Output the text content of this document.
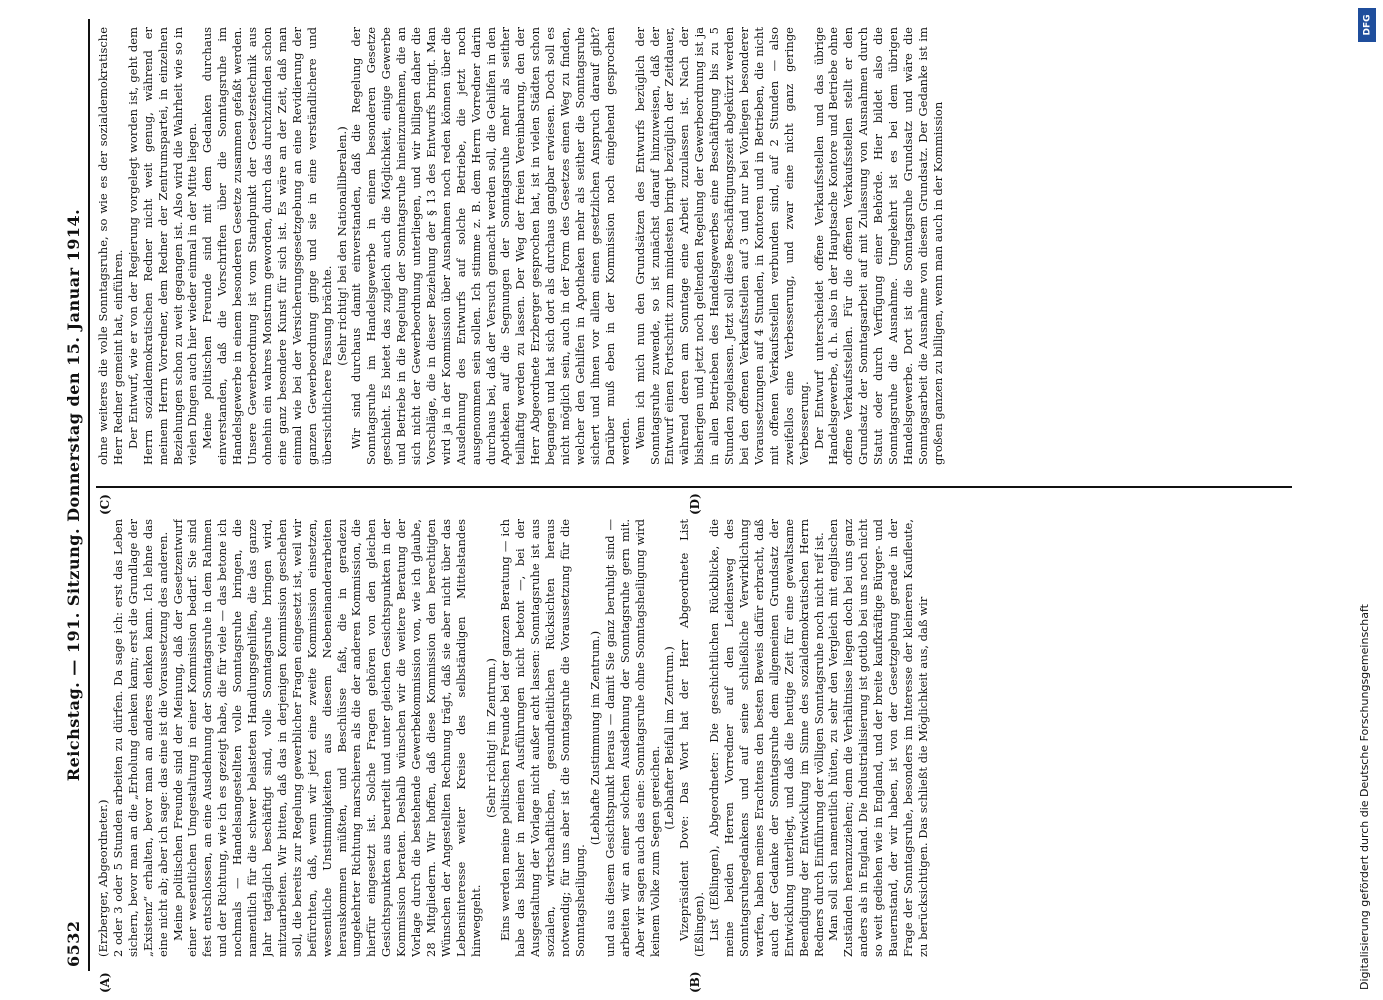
6532
Reichstag. — 191. Sitzung. Donnerstag den 15. Januar 1914.
(A)	(B)
(C)	(D)

(Erzberger, Abgeordneter.) 2 oder 3 oder 5 Stunden arbeiten zu dürfen. Da sage ich: erst das Leben sichern, bevor man an die „Erholung denken kann; erst die Grundlage der „Existenz“ erhalten, bevor man an anderes denken kann. Ich lehne das eine nicht ab; aber ich sage: das eine ist die Voraussetzung des anderen. Meine politischen Freunde sind der Meinung, daß der Gesetzentwurf einer wesentlichen Umgestaltung in einer Kommission bedarf. Sie sind fest entschlossen, an eine Ausdehnung der Sonntagsruhe in dem Rahmen und der Richtung, wie ich es gezeigt habe, die für viele — das betone ich nochmals — Handelsangestellten volle Sonntagsruhe bringen, die namentlich für die schwer belasteten Handlungsgehilfen, die das ganze Jahr tagtäglich beschäftigt sind, volle Sonntagsruhe bringen wird, mitzuarbeiten. Wir bitten, daß das in derjenigen Kommission geschehen soll, die bereits zur Regelung gewerblicher Fragen eingesetzt ist, weil wir befürchten, daß, wenn wir jetzt eine zweite Kommission einsetzen, wesentliche Unstimmigkeiten aus diesem Nebeneinanderarbeiten herauskommen müßten, und Beschlüsse faßt, die in geradezu umgekehrter Richtung marschieren als die der anderen Kommission, die hierfür eingesetzt ist. Solche Fragen gehören von den gleichen Gesichtspunkten aus beurteilt und unter gleichen Gesichtspunkten in der Kommission beraten. Deshalb wünschen wir die weitere Beratung der Vorlage durch die bestehende Gewerbekommission von, wie ich glaube, 28 Mitgliedern. Wir hoffen, daß diese Kommission den berechtigten Wünschen der Angestellten Rechnung trägt, daß sie aber nicht über das Lebensinteresse weiter Kreise des selbständigen Mittelstandes hinweggeht.

(Sehr richtig! im Zentrum.) Eins werden meine politischen Freunde bei der ganzen Beratung — ich habe das bisher in meinen Ausführungen nicht betont —, bei der Ausgestaltung der Vorlage nicht außer acht lassen: Sonntagsruhe ist aus sozialen, wirtschaftlichen, gesundheitlichen Rücksichten heraus notwendig; für uns aber ist die Sonntagsruhe die Voraussetzung für die Sonntagsheiligung.

(Lebhafte Zustimmung im Zentrum.) und aus diesem Gesichtspunkt heraus — damit Sie ganz beruhigt sind — arbeiten wir an einer solchen Ausdehnung der Sonntagsruhe gern mit. Aber wir sagen auch das eine: Sonntagsruhe ohne Sonntagsheiligung wird keinem Volke zum Segen gereichen.

(Lebhafter Beifall im Zentrum.) Vizepräsident Dove: Das Wort hat der Herr Abgeordnete List (Eßlingen). List (Eßlingen), Abgeordneter: Die geschichtlichen Rückblicke, die meine beiden Herren Vorredner auf den Leidensweg des Sonntagsruhegedankens und auf seine schließliche Verwirklichung warfen, haben meines Erachtens den besten Beweis dafür erbracht, daß auch der Gedanke der Sonntagsruhe dem allgemeinen Grundsatz der Entwicklung unterliegt, und daß die heutige Zeit für eine gewaltsame Beendigung der Entwicklung im Sinne des sozialdemokratischen Herrn Redners durch Einführung der völligen Sonntagsruhe noch nicht reif ist. Man soll sich namentlich hüten, zu sehr den Vergleich mit englischen Zuständen heranzuziehen; denn die Verhältnisse liegen doch bei uns ganz anders als in England. Die Industrialisierung ist gottlob bei uns noch nicht so weit gediehen wie in England, und der breite kaufkräftige Bürger- und Bauernstand, der wir haben, ist von der Gesetzgebung gerade in der Frage der Sonntagsruhe, besonders im Interesse der kleineren Kaufleute, zu berücksichtigen. Das schließt die Möglichkeit aus, daß wir

ohne weiteres die volle Sonntagsruhe, so wie es der sozialdemokratische Herr Redner gemeint hat, einführen. Der Entwurf, wie er von der Regierung vorgelegt worden ist, geht dem Herrn sozialdemokratischen Redner nicht weit genug, während er meinem Herrn Vorredner, dem Redner der Zentrumspartei, in einzelnen Beziehungen schon zu weit gegangen ist. Also wird die Wahrheit wie so in vielen Dingen auch hier wieder einmal in der Mitte liegen. Meine politischen Freunde sind mit dem Gedanken durchaus einverstanden, daß die Vorschriften über die Sonntagsruhe im Handelsgewerbe in einem besonderen Gesetze zusammen gefaßt werden. Unsere Gewerbeordnung ist vom Standpunkt der Gesetzestechnik aus ohnehin ein wahres Monstrum geworden, durch das durchzufinden schon eine ganz besondere Kunst für sich ist. Es wäre an der Zeit, daß man einmal wie bei der Versicherungsgesetzgebung an eine Revidierung der ganzen Gewerbeordnung ginge und sie in eine verständlichere und übersichtlichere Fassung brächte. (Sehr richtig! bei den Nationalliberalen.) Wir sind durchaus damit einverstanden, daß die Regelung der Sonntagsruhe im Handelsgewerbe in einem besonderen Gesetze geschieht. Es bietet das zugleich auch die Möglichkeit, einige Gewerbe und Betriebe in die Regelung der Sonntagsruhe hineinzunehmen, die an sich nicht der Gewerbeordnung unterliegen, und wir billigen daher die Vorschläge, die in dieser Beziehung der § 13 des Entwurfs bringt. Man wird ja in der Kommission über Ausnahmen noch reden können über die Ausdehnung des Entwurfs auf solche Betriebe, die jetzt noch ausgenommen sein sollen. Ich stimme z. B. dem Herrn Vorredner darin durchaus bei, daß der Versuch gemacht werden soll, die Gehilfen in den Apotheken auf die Segnungen der Sonntagsruhe mehr als seither teilhaftig werden zu lassen. Der Weg der freien Vereinbarung, den der Herr Abgeordnete Erzberger gesprochen hat, ist in vielen Städten schon begangen und hat sich dort als durchaus gangbar erwiesen. Doch soll es nicht möglich sein, auch in der Form des Gesetzes einen Weg zu finden, welcher den Gehilfen in Apotheken mehr als seither die Sonntagsruhe sichert und ihnen vor allem einen gesetzlichen Anspruch darauf gibt? Darüber muß eben in der Kommission noch eingehend gesprochen werden. Wenn ich mich nun den Grundsätzen des Entwurfs bezüglich der Sonntagsruhe zuwende, so ist zunächst darauf hinzuweisen, daß der Entwurf einen Fortschritt zum mindesten bringt bezüglich der Zeitdauer, während deren am Sonntage eine Arbeit zuzulassen ist. Nach der bisherigen und jetzt noch geltenden Regelung der Gewerbeordnung ist ja in allen Betrieben des Handelsgewerbes eine Beschäftigung bis zu 5 Stunden zugelassen. Jetzt soll diese Beschäftigungszeit abgekürzt werden bei den offenen Verkaufsstellen auf 3 und nur bei Vorliegen besonderer Voraussetzungen auf 4 Stunden, in Kontoren und in Betrieben, die nicht mit offenen Verkaufsstellen verbunden sind, auf 2 Stunden — also zweifellos eine Verbesserung, und zwar eine nicht ganz geringe Verbesserung. Der Entwurf unterscheidet offene Verkaufsstellen und das übrige Handelsgewerbe, d. h. also in der Hauptsache Kontore und Betriebe ohne offene Verkaufsstellen. Für die offenen Verkaufsstellen stellt er den Grundsatz der Sonntagsarbeit auf mit Zulassung von Ausnahmen durch Statut oder durch Verfügung einer Behörde. Hier bildet also die Sonntagsruhe die Ausnahme. Umgekehrt ist es bei dem übrigen Handelsgewerbe. Dort ist die Sonntagsruhe Grundsatz und wäre die Sonntagsarbeit die Ausnahme von diesem Grundsatz. Der Gedanke ist im großen ganzen zu billigen, wenn man auch in der Kommission

DFG
Digitalisierung gefördert durch die Deutsche Forschungsgemeinschaft
